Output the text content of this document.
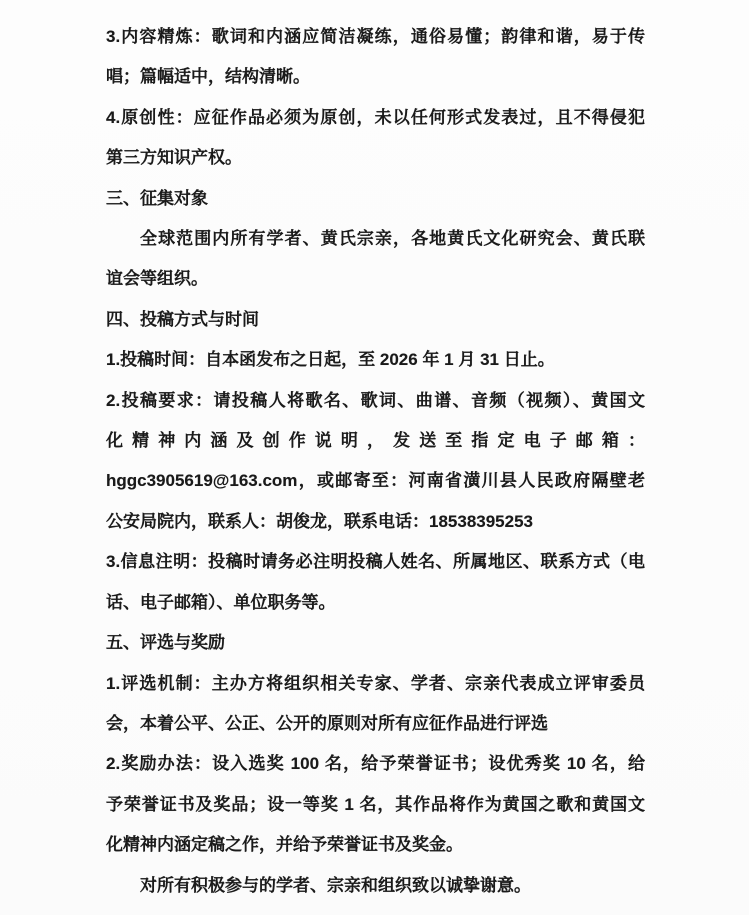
3.内容精炼：歌词和内涵应简洁凝练，通俗易懂；韵律和谐，易于传
唱；篇幅适中，结构清晰。
4.原创性：应征作品必须为原创，未以任何形式发表过，且不得侵犯
第三方知识产权。
三、征集对象
全球范围内所有学者、黄氏宗亲，各地黄氏文化研究会、黄氏联
谊会等组织。
四、投稿方式与时间
1.投稿时间：自本函发布之日起，至 2026 年 1 月 31 日止。
2.投稿要求：请投稿人将歌名、歌词、曲谱、音频（视频）、黄国文
化精神内涵及创作说明，发送至指定电子邮箱：
hggc3905619@163.com，或邮寄至：河南省潢川县人民政府隔壁老
公安局院内，联系人：胡俊龙，联系电话：18538395253
3.信息注明：投稿时请务必注明投稿人姓名、所属地区、联系方式（电
话、电子邮箱）、单位职务等。
五、评选与奖励
1.评选机制：主办方将组织相关专家、学者、宗亲代表成立评审委员
会，本着公平、公正、公开的原则对所有应征作品进行评选
2.奖励办法：设入选奖 100 名，给予荣誉证书；设优秀奖 10 名，给
予荣誉证书及奖品；设一等奖 1 名，其作品将作为黄国之歌和黄国文
化精神内涵定稿之作，并给予荣誉证书及奖金。
对所有积极参与的学者、宗亲和组织致以诚挚谢意。
